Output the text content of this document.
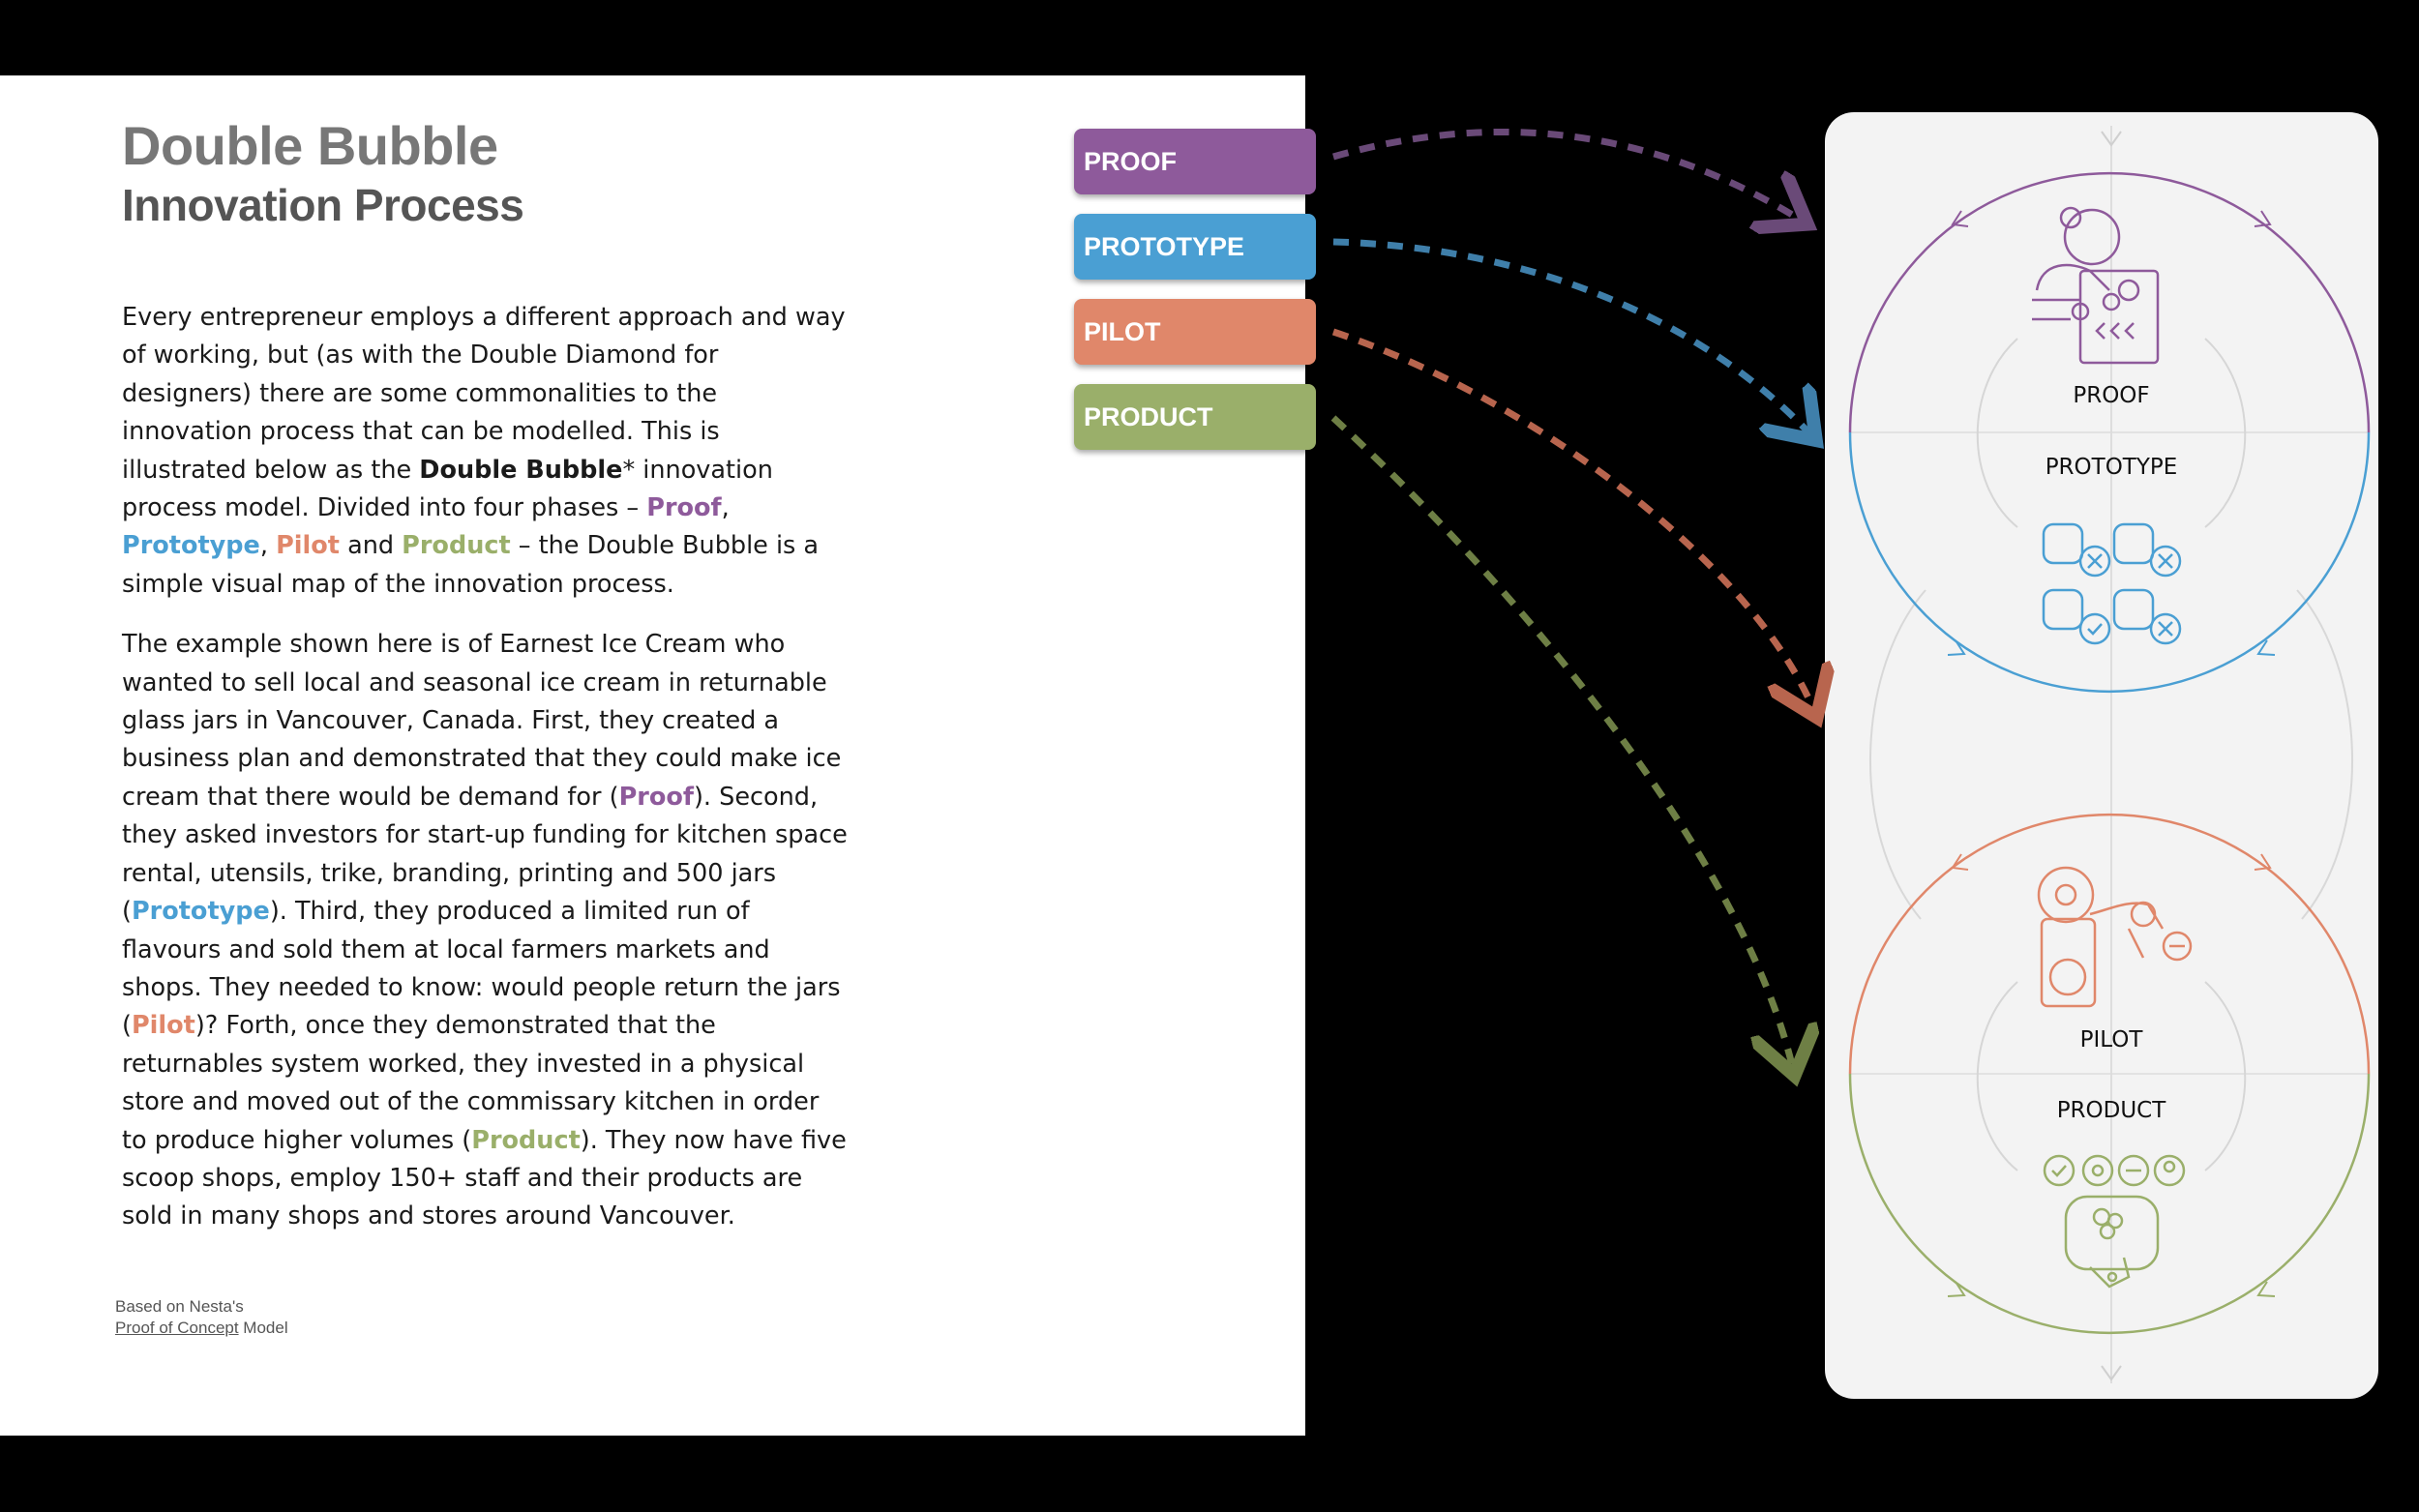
Double Bubble
Innovation Process

Every entrepreneur employs a different approach and way of working, but (as with the Double Diamond for designers) there are some commonalities to the innovation process that can be modelled. This is illustrated below as the Double Bubble* innovation process model. Divided into four phases – Proof, Prototype, Pilot and Product – the Double Bubble is a simple visual map of the innovation process.

The example shown here is of Earnest Ice Cream who wanted to sell local and seasonal ice cream in returnable glass jars in Vancouver, Canada. First, they created a business plan and demonstrated that they could make ice cream that there would be demand for (Proof). Second, they asked investors for start-up funding for kitchen space rental, utensils, trike, branding, printing and 500 jars (Prototype). Third, they produced a limited run of flavours and sold them at local farmers markets and shops. They needed to know: would people return the jars (Pilot)? Forth, once they demonstrated that the returnables system worked, they invested in a physical store and moved out of the commissary kitchen in order to produce higher volumes (Product). They now have five scoop shops, employ 150+ staff and their products are sold in many shops and stores around Vancouver.

Based on Nesta's
Proof of Concept Model
PROOF
PROTOTYPE
PILOT
PRODUCT
PROOF
PROTOTYPE
PILOT
PRODUCT
